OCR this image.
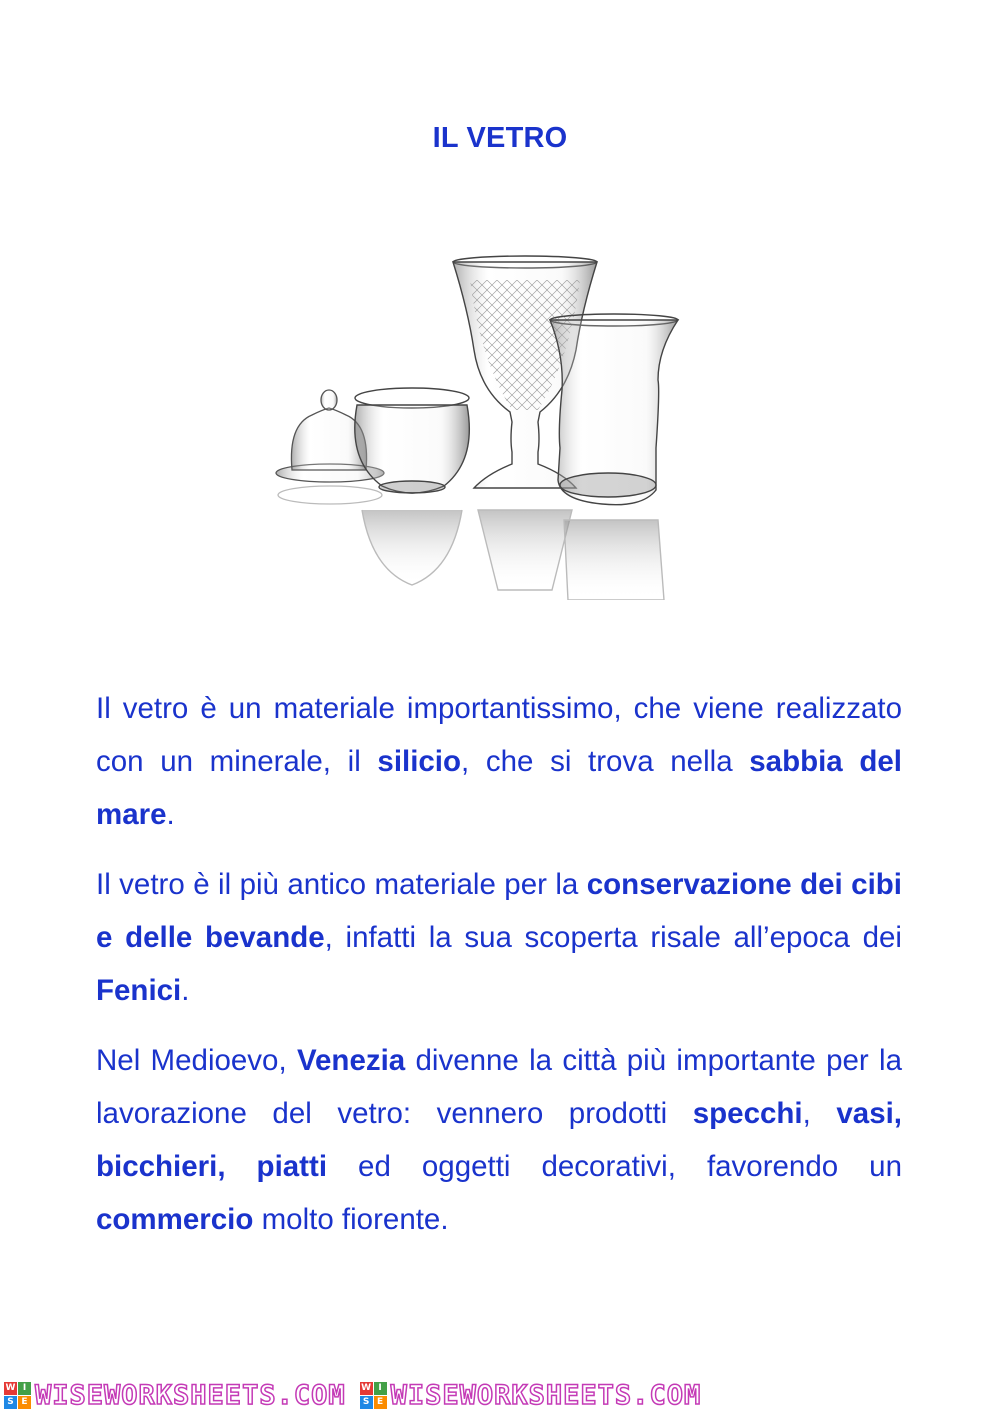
IL VETRO

Il vetro è un materiale importantissimo, che viene realizzato con un minerale, il silicio, che si trova nella sabbia del mare.

Il vetro è il più antico materiale per la conservazione dei cibi e delle bevande, infatti la sua scoperta risale all’epoca dei Fenici.

Nel Medioevo, Venezia divenne la città più importante per la lavorazione del vetro: vennero prodotti specchi, vasi, bicchieri, piatti ed oggetti decorativi, favorendo un commercio molto fiorente.

W I
S E WISEWORKSHEETS.COM W I
S E WISEWORKSHEETS.COM
